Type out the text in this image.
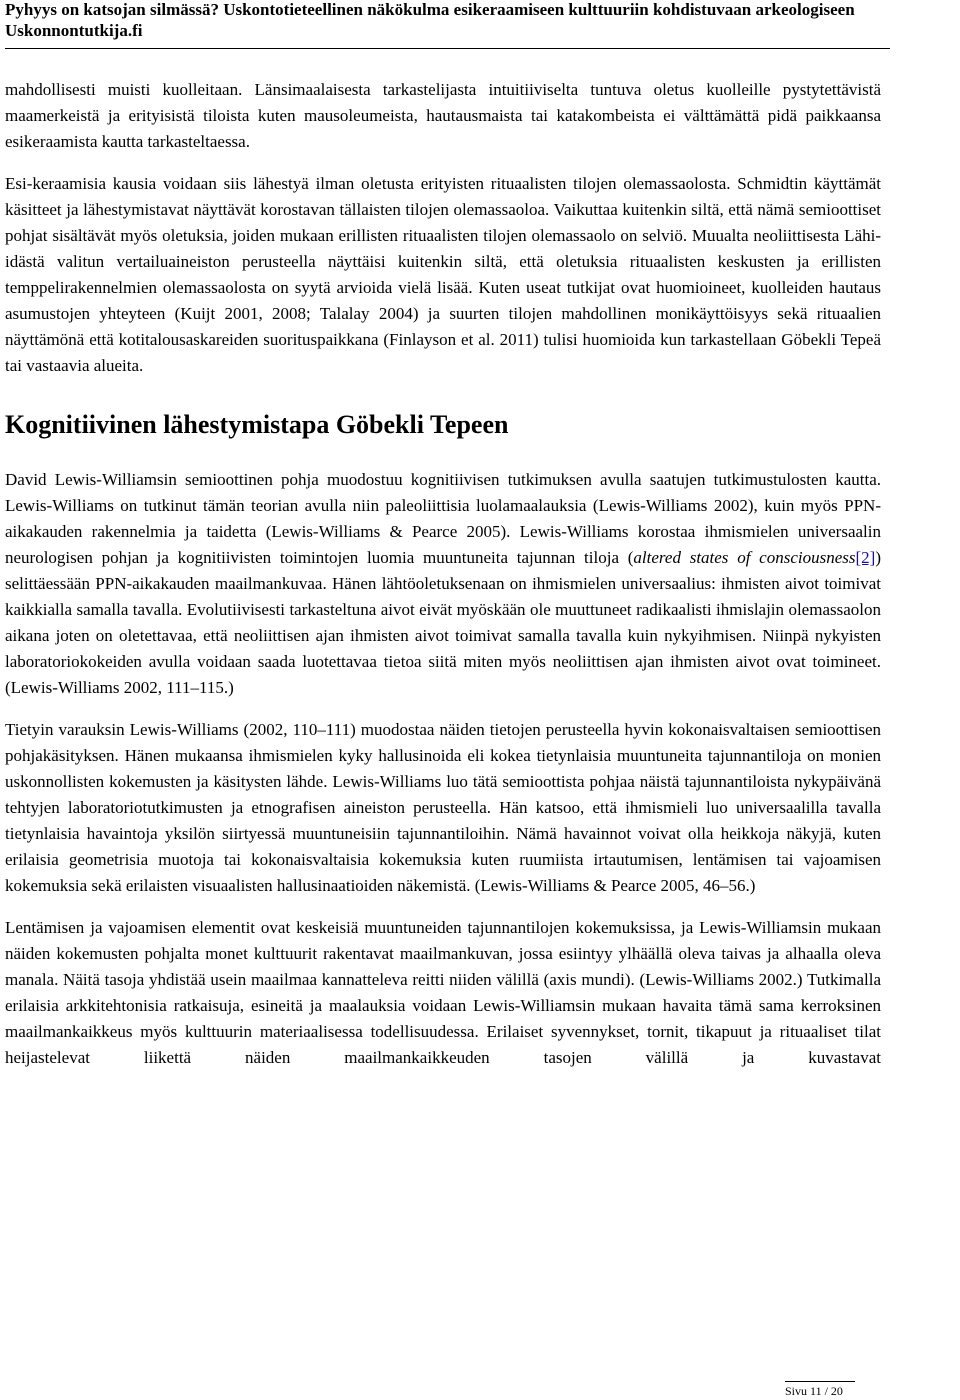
Pyhyys on katsojan silmässä? Uskontotieteellinen näkökulma esikeraamiseen kulttuuriin kohdistuvaan arkeologiseen
Uskonnontutkija.fi

mahdollisesti muisti kuolleitaan. Länsimaalaisesta tarkastelijasta intuitiiviselta tuntuva oletus kuolleille pystytettävistä maamerkeistä ja erityisistä tiloista kuten mausoleumeista, hautausmaista tai katakombeista ei välttämättä pidä paikkaansa esikeraamista kautta tarkasteltaessa.

Esi-keraamisia kausia voidaan siis lähestyä ilman oletusta erityisten rituaalisten tilojen olemassaolosta. Schmidtin käyttämät käsitteet ja lähestymistavat näyttävät korostavan tällaisten tilojen olemassaoloa. Vaikuttaa kuitenkin siltä, että nämä semioottiset pohjat sisältävät myös oletuksia, joiden mukaan erillisten rituaalisten tilojen olemassaolo on selviö. Muualta neoliittisesta Lähi-idästä valitun vertailuaineiston perusteella näyttäisi kuitenkin siltä, että oletuksia rituaalisten keskusten ja erillisten temppelirakennelmien olemassaolosta on syytä arvioida vielä lisää. Kuten useat tutkijat ovat huomioineet, kuolleiden hautaus asumustojen yhteyteen (Kuijt 2001, 2008; Talalay 2004) ja suurten tilojen mahdollinen monikäyttöisyys sekä rituaalien näyttämönä että kotitalousaskareiden suorituspaikkana (Finlayson et al. 2011) tulisi huomioida kun tarkastellaan Göbekli Tepeä tai vastaavia alueita.

Kognitiivinen lähestymistapa Göbekli Tepeen

David Lewis-Williamsin semioottinen pohja muodostuu kognitiivisen tutkimuksen avulla saatujen tutkimustulosten kautta. Lewis-Williams on tutkinut tämän teorian avulla niin paleoliittisia luolamaalauksia (Lewis-Williams 2002), kuin myös PPN-aikakauden rakennelmia ja taidetta (Lewis-Williams & Pearce 2005). Lewis-Williams korostaa ihmismielen universaalin neurologisen pohjan ja kognitiivisten toimintojen luomia muuntuneita tajunnan tiloja (altered states of consciousness[2]) selittäessään PPN-aikakauden maailmankuvaa. Hänen lähtöoletuksenaan on ihmismielen universaalius: ihmisten aivot toimivat kaikkialla samalla tavalla. Evolutiivisesti tarkasteltuna aivot eivät myöskään ole muuttuneet radikaalisti ihmislajin olemassaolon aikana joten on oletettavaa, että neoliittisen ajan ihmisten aivot toimivat samalla tavalla kuin nykyihmisen. Niinpä nykyisten laboratoriokokeiden avulla voidaan saada luotettavaa tietoa siitä miten myös neoliittisen ajan ihmisten aivot ovat toimineet. (Lewis-Williams 2002, 111–115.)

Tietyin varauksin Lewis-Williams (2002, 110–111) muodostaa näiden tietojen perusteella hyvin kokonaisvaltaisen semioottisen pohjakäsityksen. Hänen mukaansa ihmismielen kyky hallusinoida eli kokea tietynlaisia muuntuneita tajunnantiloja on monien uskonnollisten kokemusten ja käsitysten lähde. Lewis-Williams luo tätä semioottista pohjaa näistä tajunnantiloista nykypäivänä tehtyjen laboratoriotutkimusten ja etnografisen aineiston perusteella. Hän katsoo, että ihmismieli luo universaalilla tavalla tietynlaisia havaintoja yksilön siirtyessä muuntuneisiin tajunnantiloihin. Nämä havainnot voivat olla heikkoja näkyjä, kuten erilaisia geometrisia muotoja tai kokonaisvaltaisia kokemuksia kuten ruumiista irtautumisen, lentämisen tai vajoamisen kokemuksia sekä erilaisten visuaalisten hallusinaatioiden näkemistä. (Lewis-Williams & Pearce 2005, 46–56.)

Lentämisen ja vajoamisen elementit ovat keskeisiä muuntuneiden tajunnantilojen kokemuksissa, ja Lewis-Williamsin mukaan näiden kokemusten pohjalta monet kulttuurit rakentavat maailmankuvan, jossa esiintyy ylhäällä oleva taivas ja alhaalla oleva manala. Näitä tasoja yhdistää usein maailmaa kannatteleva reitti niiden välillä (axis mundi). (Lewis-Williams 2002.) Tutkimalla erilaisia arkkitehtonisia ratkaisuja, esineitä ja maalauksia voidaan Lewis-Williamsin mukaan havaita tämä sama kerroksinen maailmankaikkeus myös kulttuurin materiaalisessa todellisuudessa. Erilaiset syvennykset, tornit, tikapuut ja rituaaliset tilat heijastelevat liikettä näiden maailmankaikkeuden tasojen välillä ja kuvastavat

Sivu 11 / 20
